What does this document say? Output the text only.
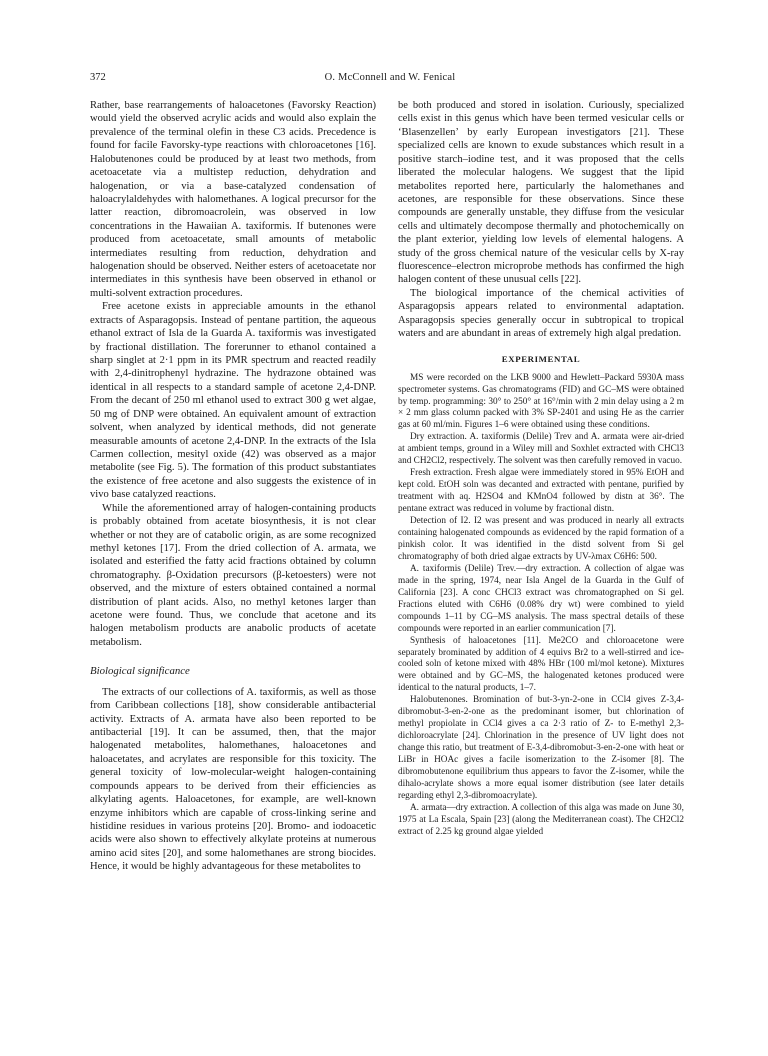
372	O. McConnell and W. Fenical

Rather, base rearrangements of haloacetones (Favorsky Reaction) would yield the observed acrylic acids and would also explain the prevalence of the terminal olefin in these C3 acids. Precedence is found for facile Favorsky-type reactions with chloroacetones [16]. Halobutenones could be produced by at least two methods, from acetoacetate via a multistep reduction, dehydration and halogenation, or via a base-catalyzed condensation of haloacrylaldehydes with halomethanes. A logical precursor for the latter reaction, dibromoacrolein, was observed in low concentrations in the Hawaiian A. taxiformis. If butenones were produced from acetoacetate, small amounts of metabolic intermediates resulting from reduction, dehydration and halogenation should be observed. Neither esters of acetoacetate nor intermediates in this synthesis have been observed in ethanol or multi-solvent extraction procedures.

Free acetone exists in appreciable amounts in the ethanol extracts of Asparagopsis. Instead of pentane partition, the aqueous ethanol extract of Isla de la Guarda A. taxiformis was investigated by fractional distillation. The forerunner to ethanol contained a sharp singlet at 2·1 ppm in its PMR spectrum and reacted readily with 2,4-dinitrophenyl hydrazine. The hydrazone obtained was identical in all respects to a standard sample of acetone 2,4-DNP. From the decant of 250 ml ethanol used to extract 300 g wet algae, 50 mg of DNP were obtained. An equivalent amount of extraction solvent, when analyzed by identical methods, did not generate measurable amounts of acetone 2,4-DNP. In the extracts of the Isla Carmen collection, mesityl oxide (42) was observed as a major metabolite (see Fig. 5). The formation of this product substantiates the existence of free acetone and also suggests the existence of in vivo base catalyzed reactions.

While the aforementioned array of halogen-containing products is probably obtained from acetate biosynthesis, it is not clear whether or not they are of catabolic origin, as are some recognized methyl ketones [17]. From the dried collection of A. armata, we isolated and esterified the fatty acid fractions obtained by column chromatography. β-Oxidation precursors (β-ketoesters) were not observed, and the mixture of esters obtained contained a normal distribution of plant acids. Also, no methyl ketones larger than acetone were found. Thus, we conclude that acetone and its halogen metabolism products are anabolic products of acetate metabolism.

Biological significance

The extracts of our collections of A. taxiformis, as well as those from Caribbean collections [18], show considerable antibacterial activity. Extracts of A. armata have also been reported to be antibacterial [19]. It can be assumed, then, that the major halogenated metabolites, halomethanes, haloacetones and haloacetates, and acrylates are responsible for this toxicity. The general toxicity of low-molecular-weight halogen-containing compounds appears to be derived from their efficiencies as alkylating agents. Haloacetones, for example, are well-known enzyme inhibitors which are capable of cross-linking serine and histidine residues in various proteins [20]. Bromo- and iodoacetic acids were also shown to effectively alkylate proteins at numerous amino acid sites [20], and some halomethanes are strong biocides. Hence, it would be highly advantageous for these metabolites to

be both produced and stored in isolation. Curiously, specialized cells exist in this genus which have been termed vesicular cells or ‘Blasenzellen’ by early European investigators [21]. These specialized cells are known to exude substances which result in a positive starch–iodine test, and it was proposed that the cells liberated the molecular halogens. We suggest that the lipid metabolites reported here, particularly the halomethanes and acetones, are responsible for these observations. Since these compounds are generally unstable, they diffuse from the vesicular cells and ultimately decompose thermally and photochemically on the plant exterior, yielding low levels of elemental halogens. A study of the gross chemical nature of the vesicular cells by X-ray fluorescence–electron microprobe methods has confirmed the high halogen content of these unusual cells [22].

The biological importance of the chemical activities of Asparagopsis appears related to environmental adaptation. Asparagopsis species generally occur in subtropical to tropical waters and are abundant in areas of extremely high algal predation.

EXPERIMENTAL

MS were recorded on the LKB 9000 and Hewlett–Packard 5930A mass spectrometer systems. Gas chromatograms (FID) and GC–MS were obtained by temp. programming: 30° to 250° at 16°/min with 2 min delay using a 2 m × 2 mm glass column packed with 3% SP-2401 and using He as the carrier gas at 60 ml/min. Figures 1–6 were obtained using these conditions.

Dry extraction. A. taxiformis (Delile) Trev and A. armata were air-dried at ambient temps, ground in a Wiley mill and Soxhlet extracted with CHCl3 and CH2Cl2, respectively. The solvent was then carefully removed in vacuo.

Fresh extraction. Fresh algae were immediately stored in 95% EtOH and kept cold. EtOH soln was decanted and extracted with pentane, purified by treatment with aq. H2SO4 and KMnO4 followed by distn at 36°. The pentane extract was reduced in volume by fractional distn.

Detection of I2. I2 was present and was produced in nearly all extracts containing halogenated compounds as evidenced by the rapid formation of a pinkish color. It was identified in the distd solvent from Si gel chromatography of both dried algae extracts by UV-λmax C6H6: 500.

A. taxiformis (Delile) Trev.—dry extraction. A collection of algae was made in the spring, 1974, near Isla Angel de la Guarda in the Gulf of California [23]. A conc CHCl3 extract was chromatographed on Si gel. Fractions eluted with C6H6 (0.08% dry wt) were combined to yield compounds 1–11 by CG–MS analysis. The mass spectral details of these compounds were reported in an earlier communication [7].

Synthesis of haloacetones [11]. Me2CO and chloroacetone were separately brominated by addition of 4 equivs Br2 to a well-stirred and ice-cooled soln of ketone mixed with 48% HBr (100 ml/mol ketone). Mixtures were obtained and by GC–MS, the halogenated ketones produced were identical to the natural products, 1–7.

Halobutenones. Bromination of but-3-yn-2-one in CCl4 gives Z-3,4-dibromobut-3-en-2-one as the predominant isomer, but chlorination of methyl propiolate in CCl4 gives a ca 2·3 ratio of Z- to E-methyl 2,3-dichloroacrylate [24]. Chlorination in the presence of UV light does not change this ratio, but treatment of E-3,4-dibromobut-3-en-2-one with heat or LiBr in HOAc gives a facile isomerization to the Z-isomer [8]. The dibromobutenone equilibrium thus appears to favor the Z-isomer, while the dihalo-acrylate shows a more equal isomer distribution (see later details regarding ethyl 2,3-dibromoacrylate).

A. armata—dry extraction. A collection of this alga was made on June 30, 1975 at La Escala, Spain [23] (along the Mediterranean coast). The CH2Cl2 extract of 2.25 kg ground algae yielded
